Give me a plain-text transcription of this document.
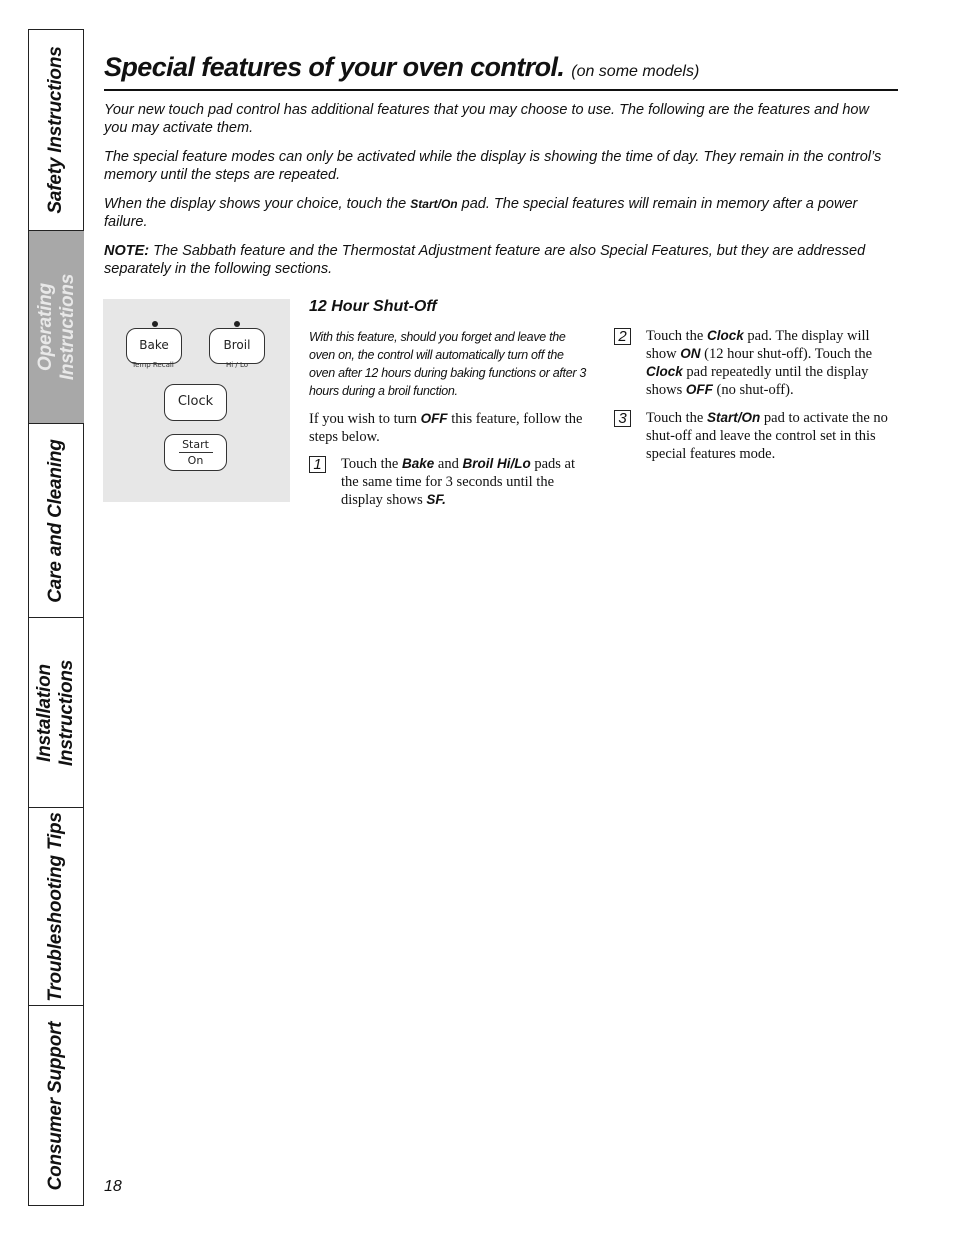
Safety Instructions
Operating Instructions
Care and Cleaning
Installation Instructions
Troubleshooting Tips
Consumer Support
Special features of your oven control. (on some models)

Your new touch pad control has additional features that you may choose to use. The following are the features and how you may activate them.

The special feature modes can only be activated while the display is showing the time of day. They remain in the control’s memory until the steps are repeated.

When the display shows your choice, touch the Start/On pad. The special features will remain in memory after a power failure.

NOTE: The Sabbath feature and the Thermostat Adjustment feature are also Special Features, but they are addressed separately in the following sections.

Bake
Temp Recall
Broil
Hi / Lo
Clock
Start
On
12 Hour Shut-Off

With this feature, should you forget and leave the oven on, the control will automatically turn off the oven after 12 hours during baking functions or after 3 hours during a broil function.

If you wish to turn OFF this feature, follow the steps below.

1 Touch the Bake and Broil Hi/Lo pads at the same time for 3 seconds until the display shows SF.
2 Touch the Clock pad. The display will show ON (12 hour shut-off). Touch the Clock pad repeatedly until the display shows OFF (no shut-off).
3 Touch the Start/On pad to activate the no shut-off and leave the control set in this special features mode.
18
